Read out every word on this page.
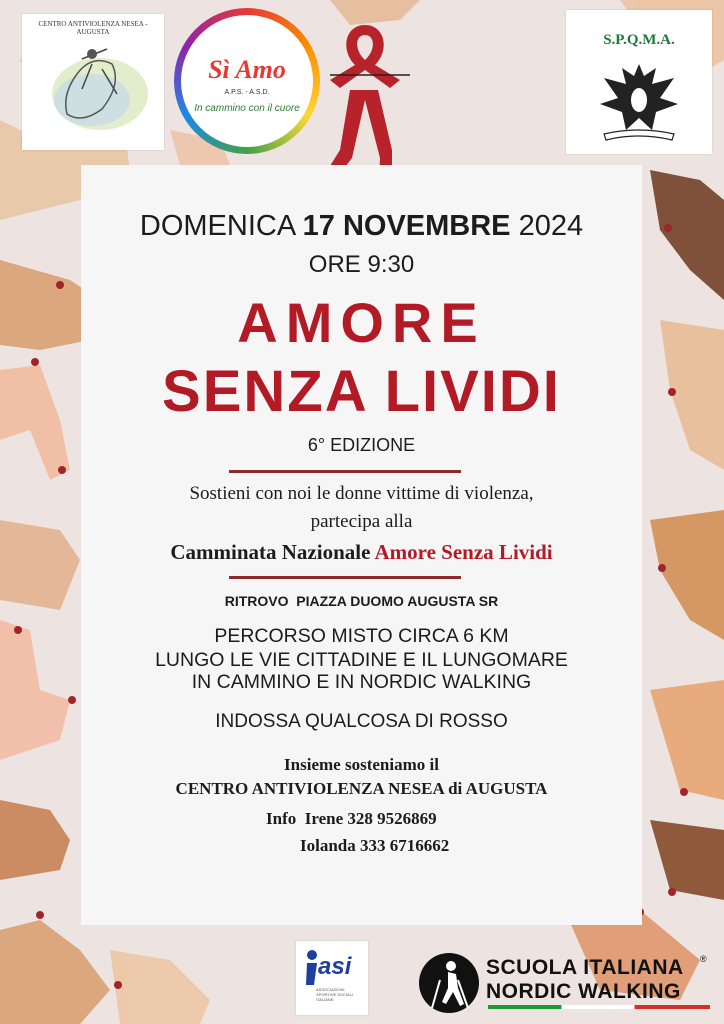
CENTRO ANTIVIOLENZA NESEA - AUGUSTA
Sì Amo
A.P.S. - A.S.D.
In cammino con il cuore
S.P.Q.M.A.
DOMENICA 17 NOVEMBRE 2024
ORE 9:30
AMORE
SENZA LIVIDI
6° EDIZIONE
Sostieni con noi le donne vittime di violenza,
partecipa alla
Camminata Nazionale Amore Senza Lividi
RITROVO  PIAZZA DUOMO AUGUSTA SR
PERCORSO MISTO CIRCA 6 KM
LUNGO LE VIE CITTADINE E IL LUNGOMARE
IN CAMMINO E IN NORDIC WALKING
INDOSSA QUALCOSA DI ROSSO
Insieme sosteniamo il
CENTRO ANTIVIOLENZA NESEA di AUGUSTA
Info  Irene 328 9526869
Iolanda 333 6716662
asi
ASSOCIAZIONI SPORTIVE SOCIALI ITALIANE
SCUOLA ITALIANA ®
NORDIC WALKING
